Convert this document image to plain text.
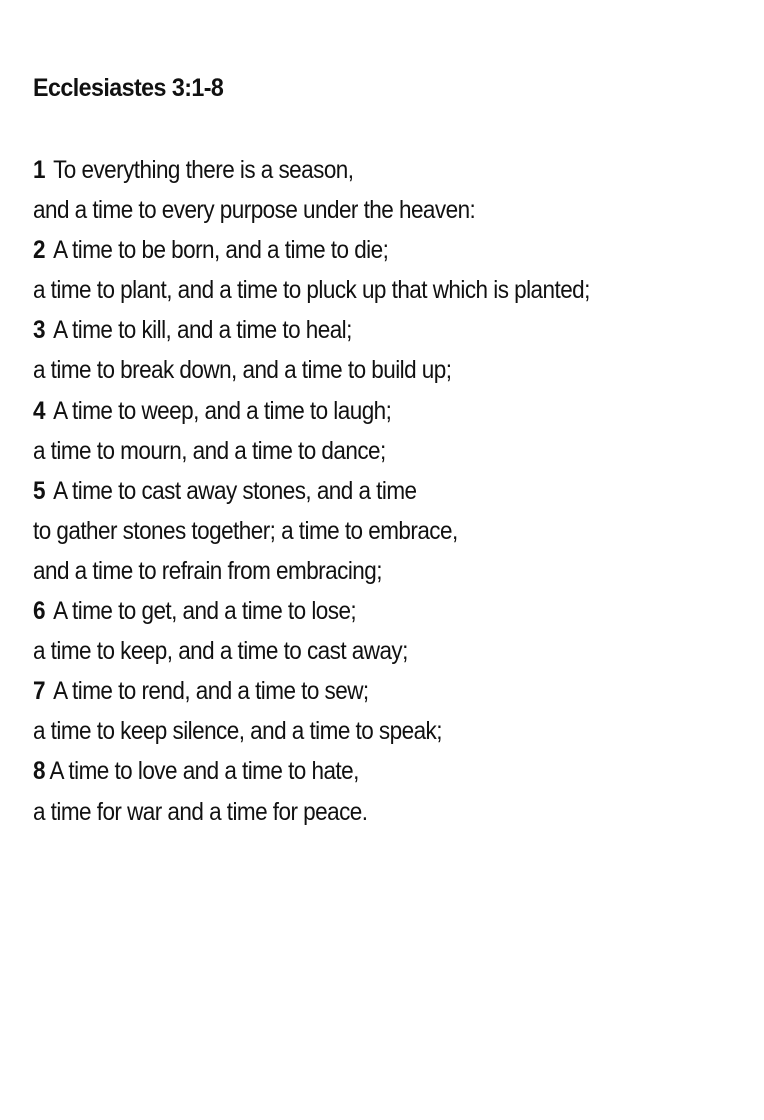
Ecclesiastes 3:1-8
1 To everything there is a season,
and a time to every purpose under the heaven:
2 A time to be born, and a time to die;
a time to plant, and a time to pluck up that which is planted;
3 A time to kill, and a time to heal;
a time to break down, and a time to build up;
4 A time to weep, and a time to laugh;
a time to mourn, and a time to dance;
5 A time to cast away stones, and a time
to gather stones together; a time to embrace,
and a time to refrain from embracing;
6 A time to get, and a time to lose;
a time to keep, and a time to cast away;
7 A time to rend, and a time to sew;
a time to keep silence, and a time to speak;
8 A time to love and a time to hate,
a time for war and a time for peace.
